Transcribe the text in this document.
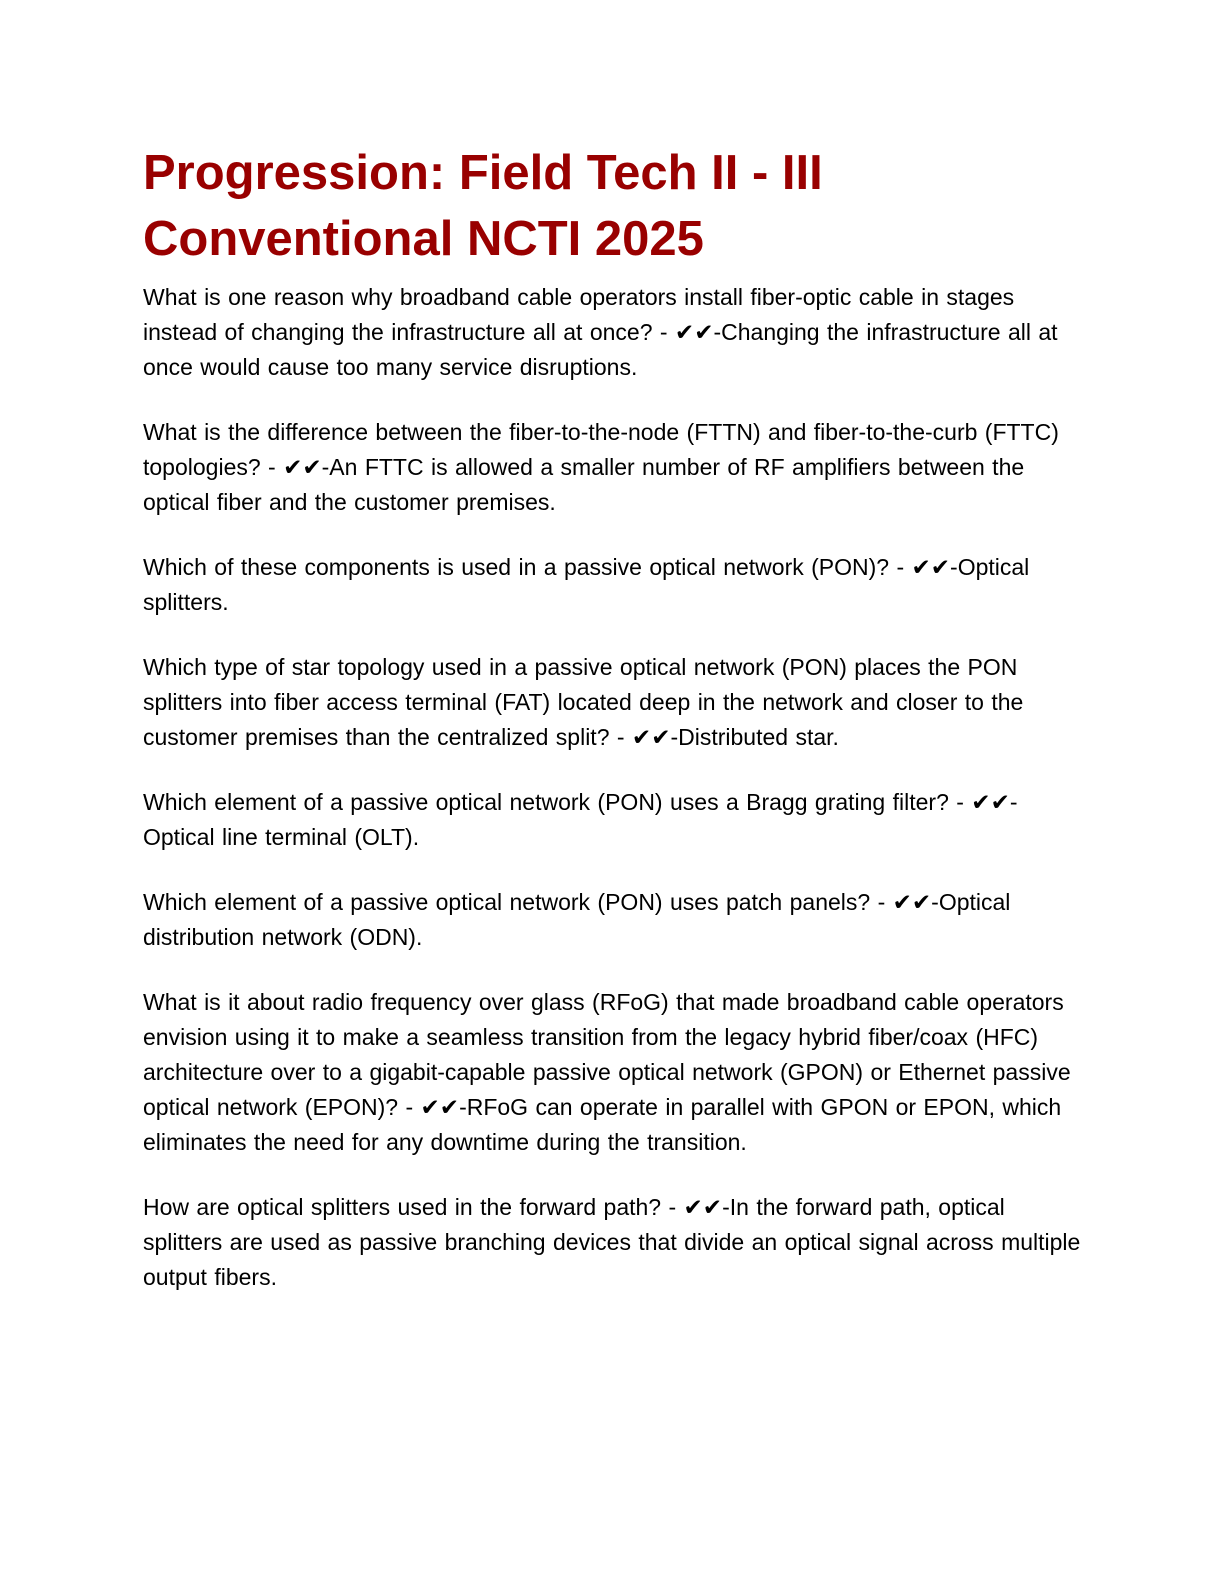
Progression: Field Tech II - III
Conventional NCTI 2025

What is one reason why broadband cable operators install fiber-optic cable in stages instead of changing the infrastructure all at once? - ✔✔-Changing the infrastructure all at once would cause too many service disruptions.

What is the difference between the fiber-to-the-node (FTTN) and fiber-to-the-curb (FTTC) topologies? - ✔✔-An FTTC is allowed a smaller number of RF amplifiers between the optical fiber and the customer premises.

Which of these components is used in a passive optical network (PON)? - ✔✔-Optical splitters.

Which type of star topology used in a passive optical network (PON) places the PON splitters into fiber access terminal (FAT) located deep in the network and closer to the customer premises than the centralized split? - ✔✔-Distributed star.

Which element of a passive optical network (PON) uses a Bragg grating filter? - ✔✔-Optical line terminal (OLT).

Which element of a passive optical network (PON) uses patch panels? - ✔✔-Optical distribution network (ODN).

What is it about radio frequency over glass (RFoG) that made broadband cable operators envision using it to make a seamless transition from the legacy hybrid fiber/coax (HFC) architecture over to a gigabit-capable passive optical network (GPON) or Ethernet passive optical network (EPON)? - ✔✔-RFoG can operate in parallel with GPON or EPON, which eliminates the need for any downtime during the transition.

How are optical splitters used in the forward path? - ✔✔-In the forward path, optical splitters are used as passive branching devices that divide an optical signal across multiple output fibers.
